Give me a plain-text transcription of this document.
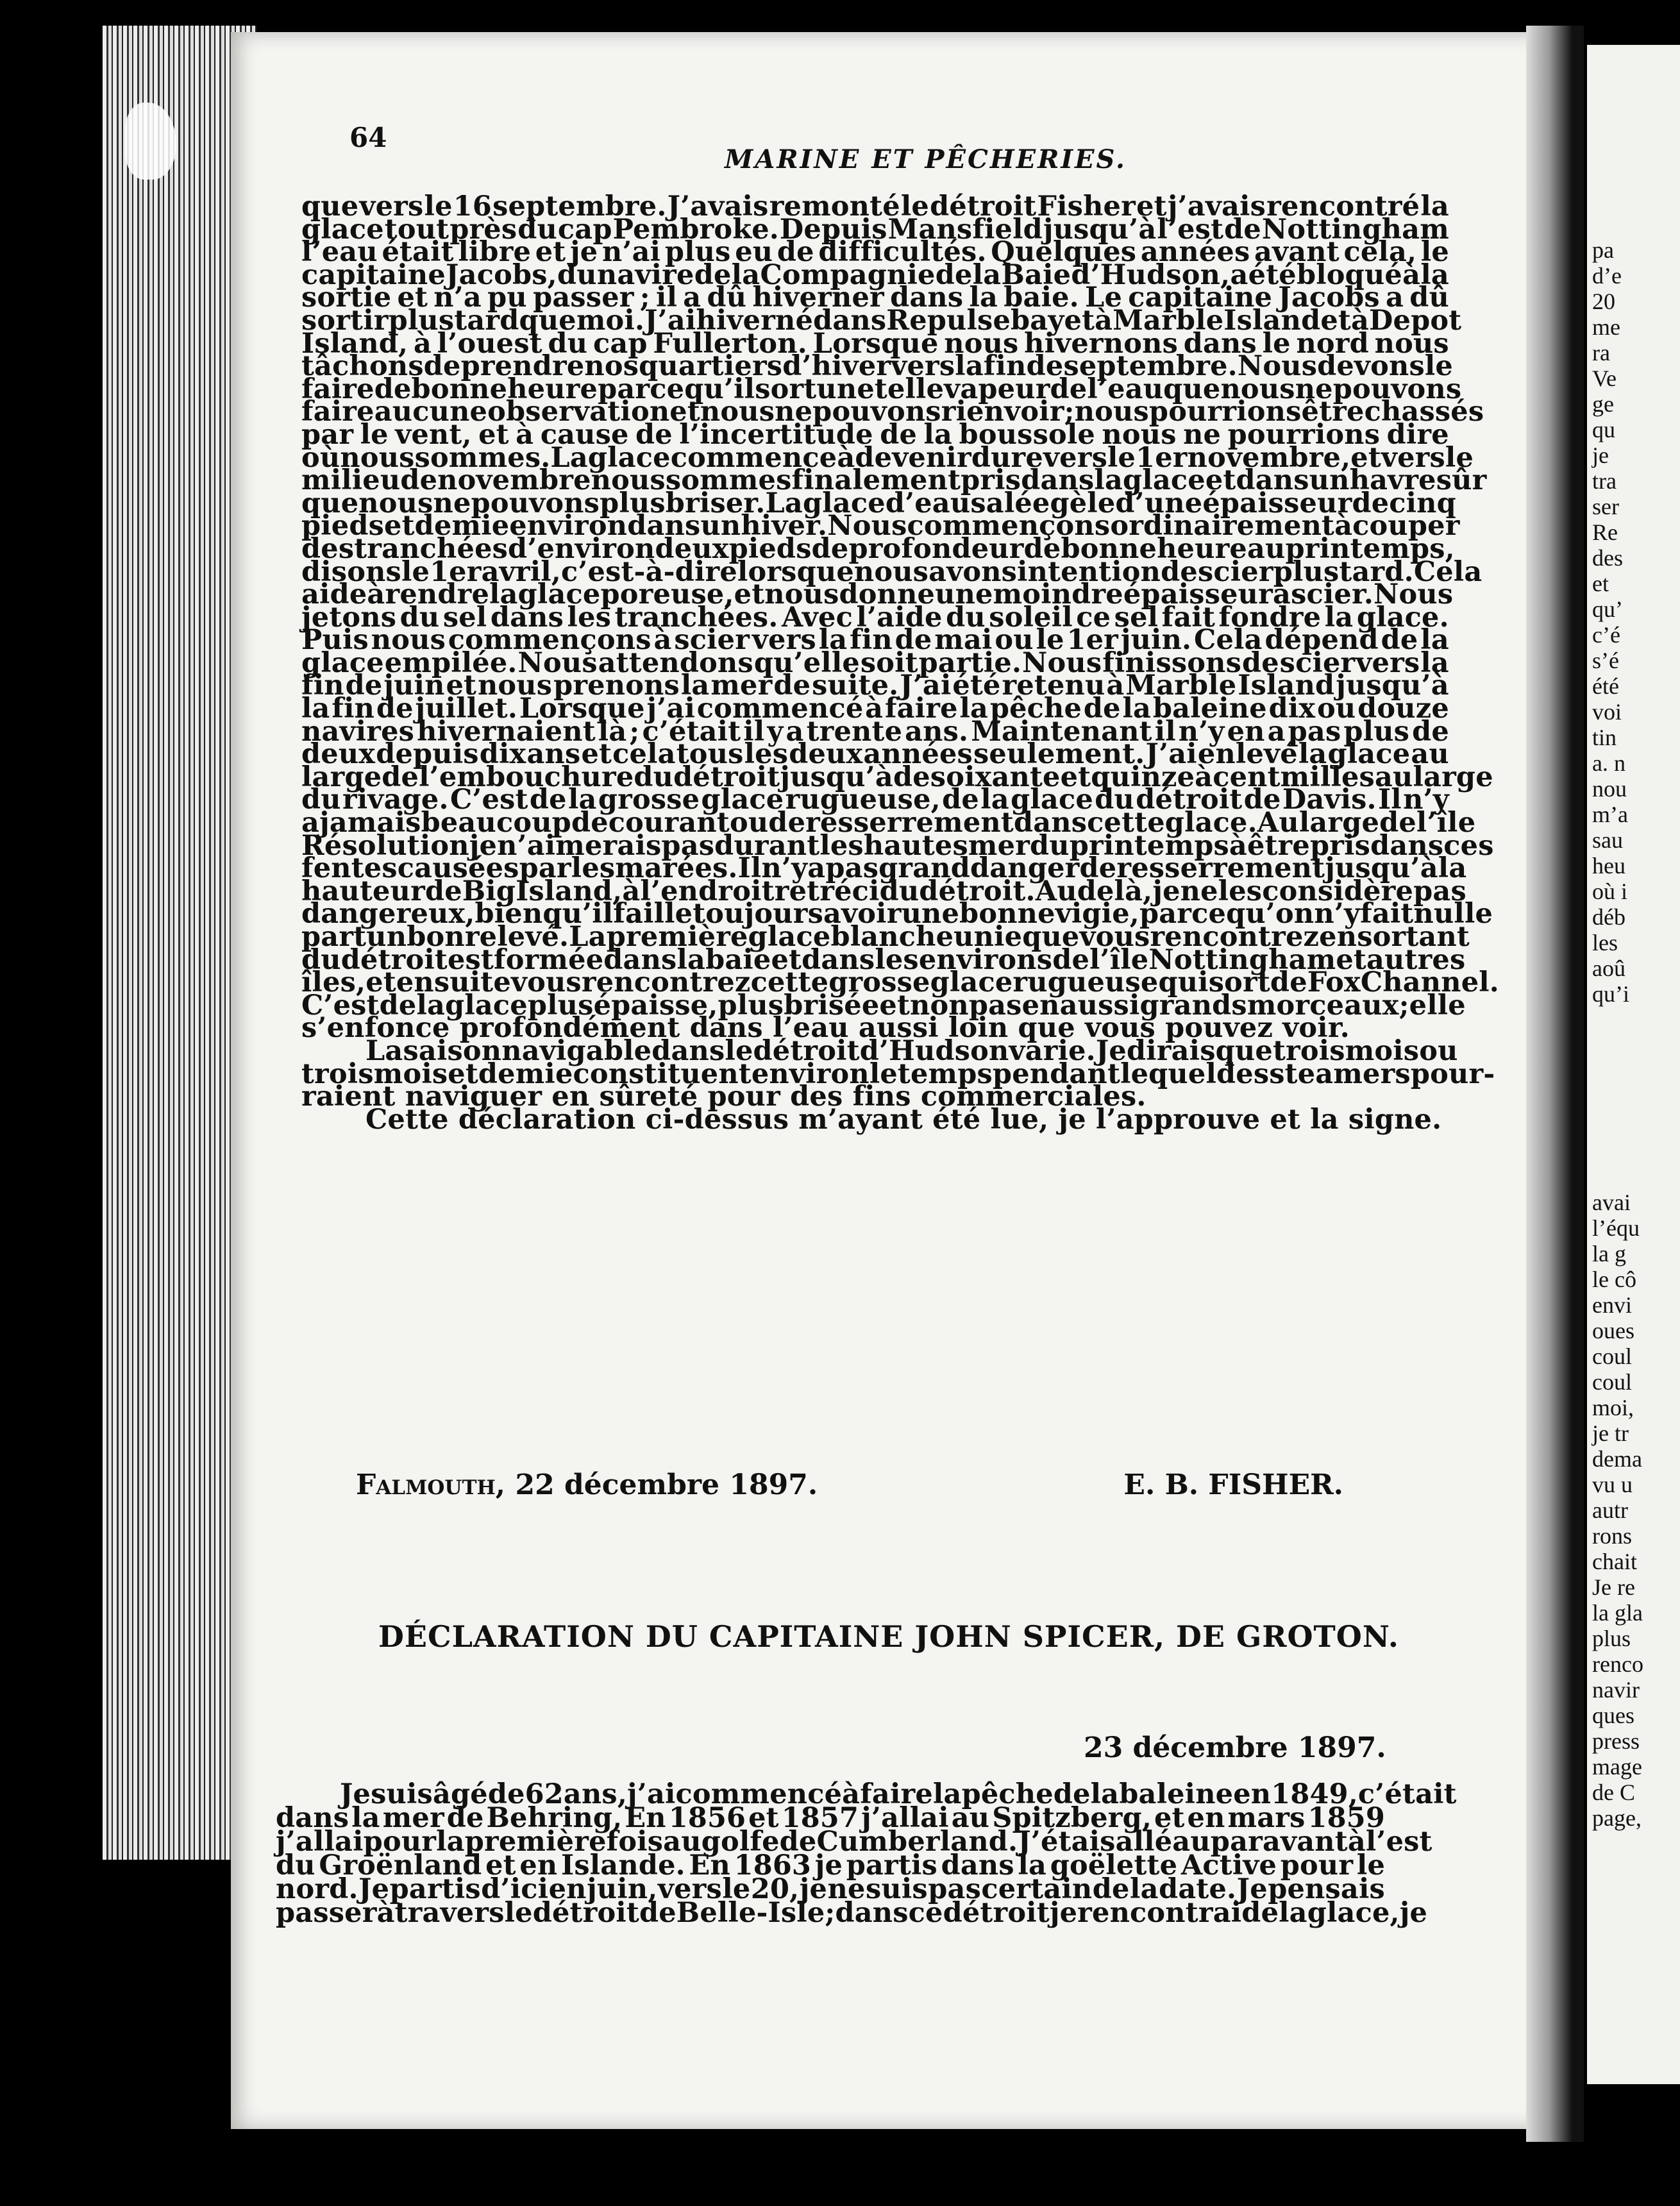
64
MARINE ET PÊCHERIES.
que vers le 16 septembre. J’avais remonté le détroit Fisher et j’avais rencontré la
glace tout près du cap Pembroke. Depuis Mansfield jusqu’à l’est de Nottingham
l’eau était libre et je n’ai plus eu de difficultés. Quelques années avant cela, le
capitaine Jacobs, du navire de la Compagnie de la Baie d’Hudson, a été bloqué à la
sortie et n’a pu passer ; il a dû hiverner dans la baie. Le capitaine Jacobs a dû
sortir plus tard que moi. J’ai hiverné dans Repulse bay et à Marble Island et à Depot
Island, à l’ouest du cap Fullerton. Lorsque nous hivernons dans le nord nous
tâchons de prendre nos quartiers d’hiver vers la fin de septembre. Nous devons le
faire de bonne heure parce qu’il sort une telle vapeur de l’eau que nous ne pouvons
faire aucune observation et nous ne pouvons rien voir ; nous pourrions être chassés
par le vent, et à cause de l’incertitude de la boussole nous ne pourrions dire
où nous sommes. La glace commence à devenir dure vers le 1er novembre, et vers le
milieu de novembre nous sommes finalement pris dans la glace et dans un havre sûr
que nous ne pouvons plus briser. La glace d’eau salée gèle d’une épaisseur de cinq
pieds et demie environ dans un hiver. Nous commençons ordinairement à couper
des tranchées d’environ deux pieds de profondeur de bonne heure au printemps,
disons le 1er avril, c’est-à-dire lorsque nous avons intention de scier plus tard. Cela
aide à rendre la glace poreuse, et nous donne une moindre épaisseur à scier. Nous
jetons du sel dans les tranchées. Avec l’aide du soleil ce sel fait fondre la glace.
Puis nous commençons à scier vers la fin de mai ou le 1er juin. Cela dépend de la
glace empilée. Nous attendons qu’elle soit partie. Nous finissons de scier vers la
fin de juin et nous prenons la mer de suite. J’ai été retenu à Marble Island jusqu’à
la fin de juillet. Lorsque j’ai commencé à faire la pêche de la baleine dix ou douze
navires hivernaient là ; c’était il y a trente ans. Maintenant il n’y en a pas plus de
deux depuis dix ans et cela tous les deux années seulement. J’ai enlevé la glace au
large de l’embouchure du détroit jusqu’à de soixante et quinze à cent milles au large
du rivage. C’est de la grosse glace rugueuse, de la glace du détroit de Davis. Il n’y
a jamais beaucoup de courant ou de resserrement dans cette glace. Au large de l’île
Résolution je n’aimerais pas durant les hautes mer du printemps à être pris dans ces
fentes causées par les marées. Il n’y a pas grand danger de resserrement jusqu’à la
hauteur de Big Island, à l’endroit retréci du détroit. Au delà, je ne les considère pas
dangereux, bien qu’il faille toujours avoir une bonne vigie, parce qu’on n’y fait nulle
part un bon relevé. La première glace blanche unie que vous rencontrez en sortant
du détroit est formée dans la baie et dans les environs de l’île Nottingham et autres
îles, et ensuite vous rencontrez cette grosse glace rugueuse qui sort de Fox Channel.
C’est de la glace plus épaisse, plus brisée et non pas en aussi grands morceaux ; elle
s’enfonce profondément dans l’eau aussi loin que vous pouvez voir.
La saison navigable dans le détroit d’Hudson varie. Je dirais que trois mois ou
trois mois et demie constituent environ le temps pendant lequel des steamers pour-
raient naviguer en sûreté pour des fins commerciales.
Cette déclaration ci-dessus m’ayant été lue, je l’approuve et la signe.
Falmouth, 22 décembre 1897.	E. B. FISHER.
DÉCLARATION DU CAPITAINE JOHN SPICER, DE GROTON.
23 décembre 1897.
Je suis âgé de 62 ans, j’ai commencé à faire la pêche de la baleine en 1849, c’était
dans la mer de Behring, En 1856 et 1857 j’allai au Spitzberg, et en mars 1859
j’allai pour la première fois au golfe de Cumberland. J’étais allé auparavant à l’est
du Groënland et en Islande. En 1863 je partis dans la goëlette Active pour le
nord. Je partis d’ici en juin, vers le 20, je ne suis pas certain de la date. Je pensais
passer à travers le détroit de Belle-Isle ; dans ce détroit je rencontrai de la glace, je
pa
d’e
20
me
ra
Ve
ge
qu
je
tra
ser
Re
des
et
qu’
c’é
s’é
été
voi
tin
a. n
nou
m’a
sau
heu
où i
déb
les
aoû
qu’i
avai
l’équ
la g
le cô
envi
oues
coul
coul
moi,
je tr
dema
vu u
autr
rons
chait
Je re
la gla
plus
renco
navir
ques
press
mage
de C
page,
